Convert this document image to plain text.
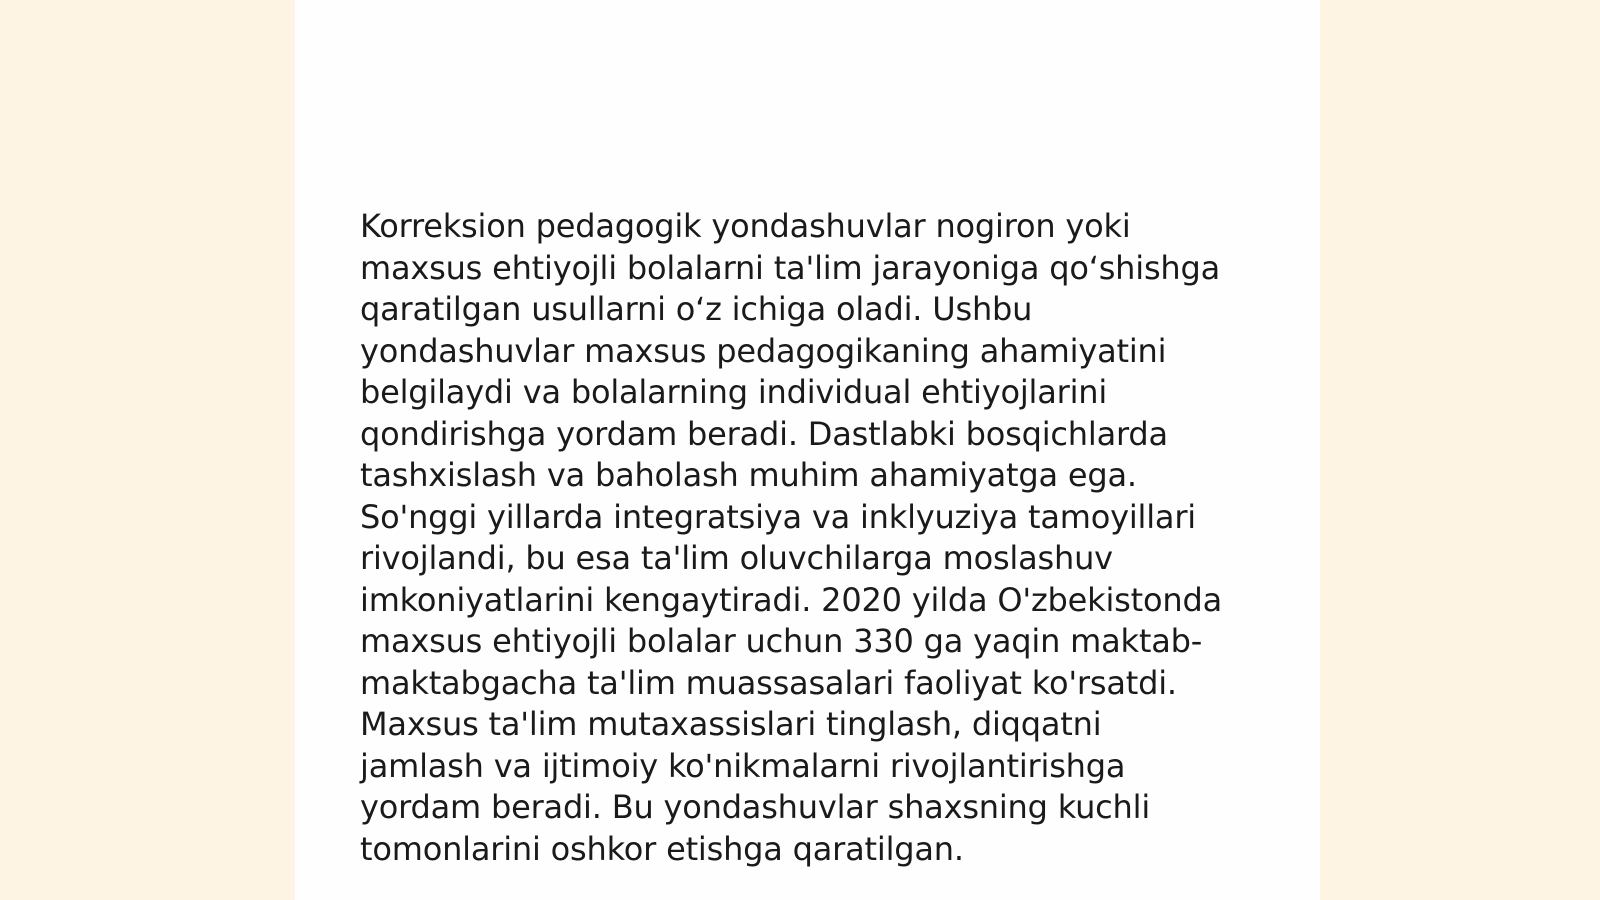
Korreksion pedagogik yondashuvlar nogiron yoki
maxsus ehtiyojli bolalarni ta'lim jarayoniga qo‘shishga
qaratilgan usullarni o‘z ichiga oladi. Ushbu
yondashuvlar maxsus pedagogikaning ahamiyatini
belgilaydi va bolalarning individual ehtiyojlarini
qondirishga yordam beradi. Dastlabki bosqichlarda
tashxislash va baholash muhim ahamiyatga ega.
So'nggi yillarda integratsiya va inklyuziya tamoyillari
rivojlandi, bu esa ta'lim oluvchilarga moslashuv
imkoniyatlarini kengaytiradi. 2020 yilda O'zbekistonda
maxsus ehtiyojli bolalar uchun 330 ga yaqin maktab-
maktabgacha ta'lim muassasalari faoliyat ko'rsatdi.
Maxsus ta'lim mutaxassislari tinglash, diqqatni
jamlash va ijtimoiy ko'nikmalarni rivojlantirishga
yordam beradi. Bu yondashuvlar shaxsning kuchli
tomonlarini oshkor etishga qaratilgan.
